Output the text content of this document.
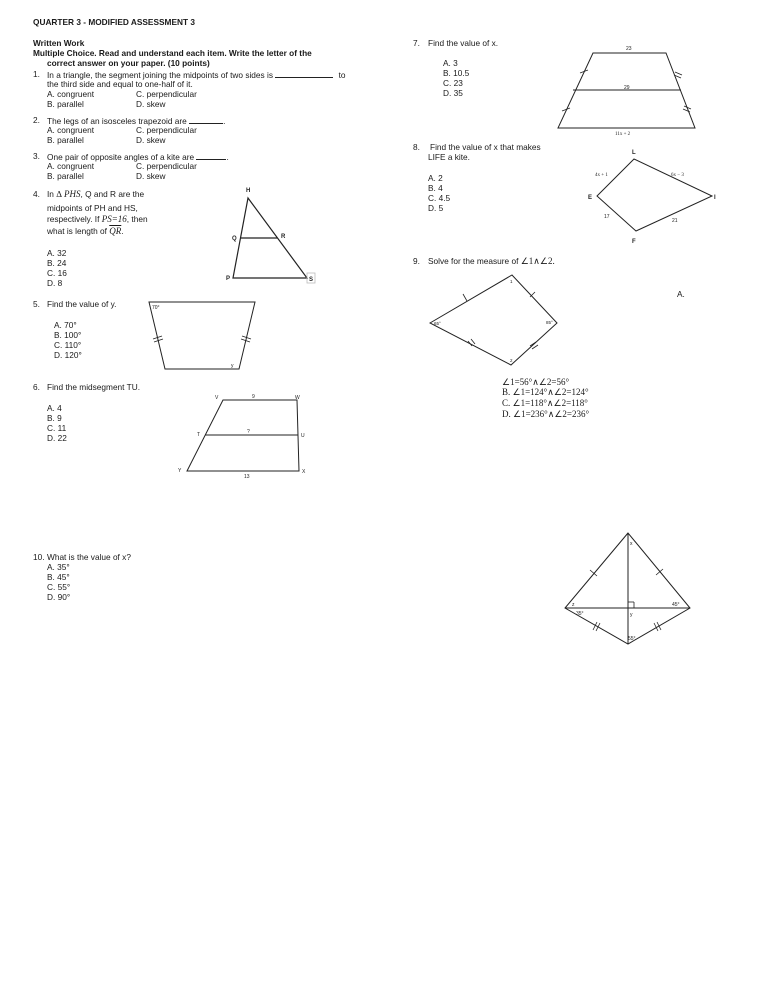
QUARTER 3 - MODIFIED ASSESSMENT 3
Written Work
Multiple Choice. Read and understand each item. Write the letter of the
correct answer on your paper. (10 points)
1. In a triangle, the segment joining the midpoints of two sides is	to
the third side and equal to one-half of it.
A. congruent	C. perpendicular
B. parallel	D. skew
2. The legs of an isosceles trapezoid are	.
A. congruent	C. perpendicular
B. parallel	D. skew
3. One pair of opposite angles of a kite are	.
A. congruent	C. perpendicular
B. parallel	D. skew
4. In ∆ PHS, Q and R are the
midpoints of PH and HS,
respectively. If PS=16, then
what is length of $\overline{QR}$.
A. 32
B. 24
C. 16
D. 8
H
Q	R
P	S
5. Find the value of y.
A. 70°
B. 100°
C. 110°
D. 120°
70°
y
6. Find the midsegment TU.
A. 4
B. 9
C. 11
D. 22
V	W
T	U
Y	X
9
?
13
7. Find the value of x.
A. 3
B. 10.5
C. 23
D. 35
23
29
11x + 2
8. Find the value of x that makes
LIFE a kite.
A. 2
B. 4
C. 4.5
D. 5
L
E	I
F
4x + 1	6x − 3
17
21
9. Solve for the measure of ∠1∧∠2.
A.
65°	85°
1
2
∠1=56°∧∠2=56°
B. ∠1=124°∧∠2=124°
C. ∠1=118°∧∠2=118°
D. ∠1=236°∧∠2=236°
10. What is the value of x?
A. 35°
B. 45°
C. 55°
D. 90°
x
z
y
45°
35°
55°
